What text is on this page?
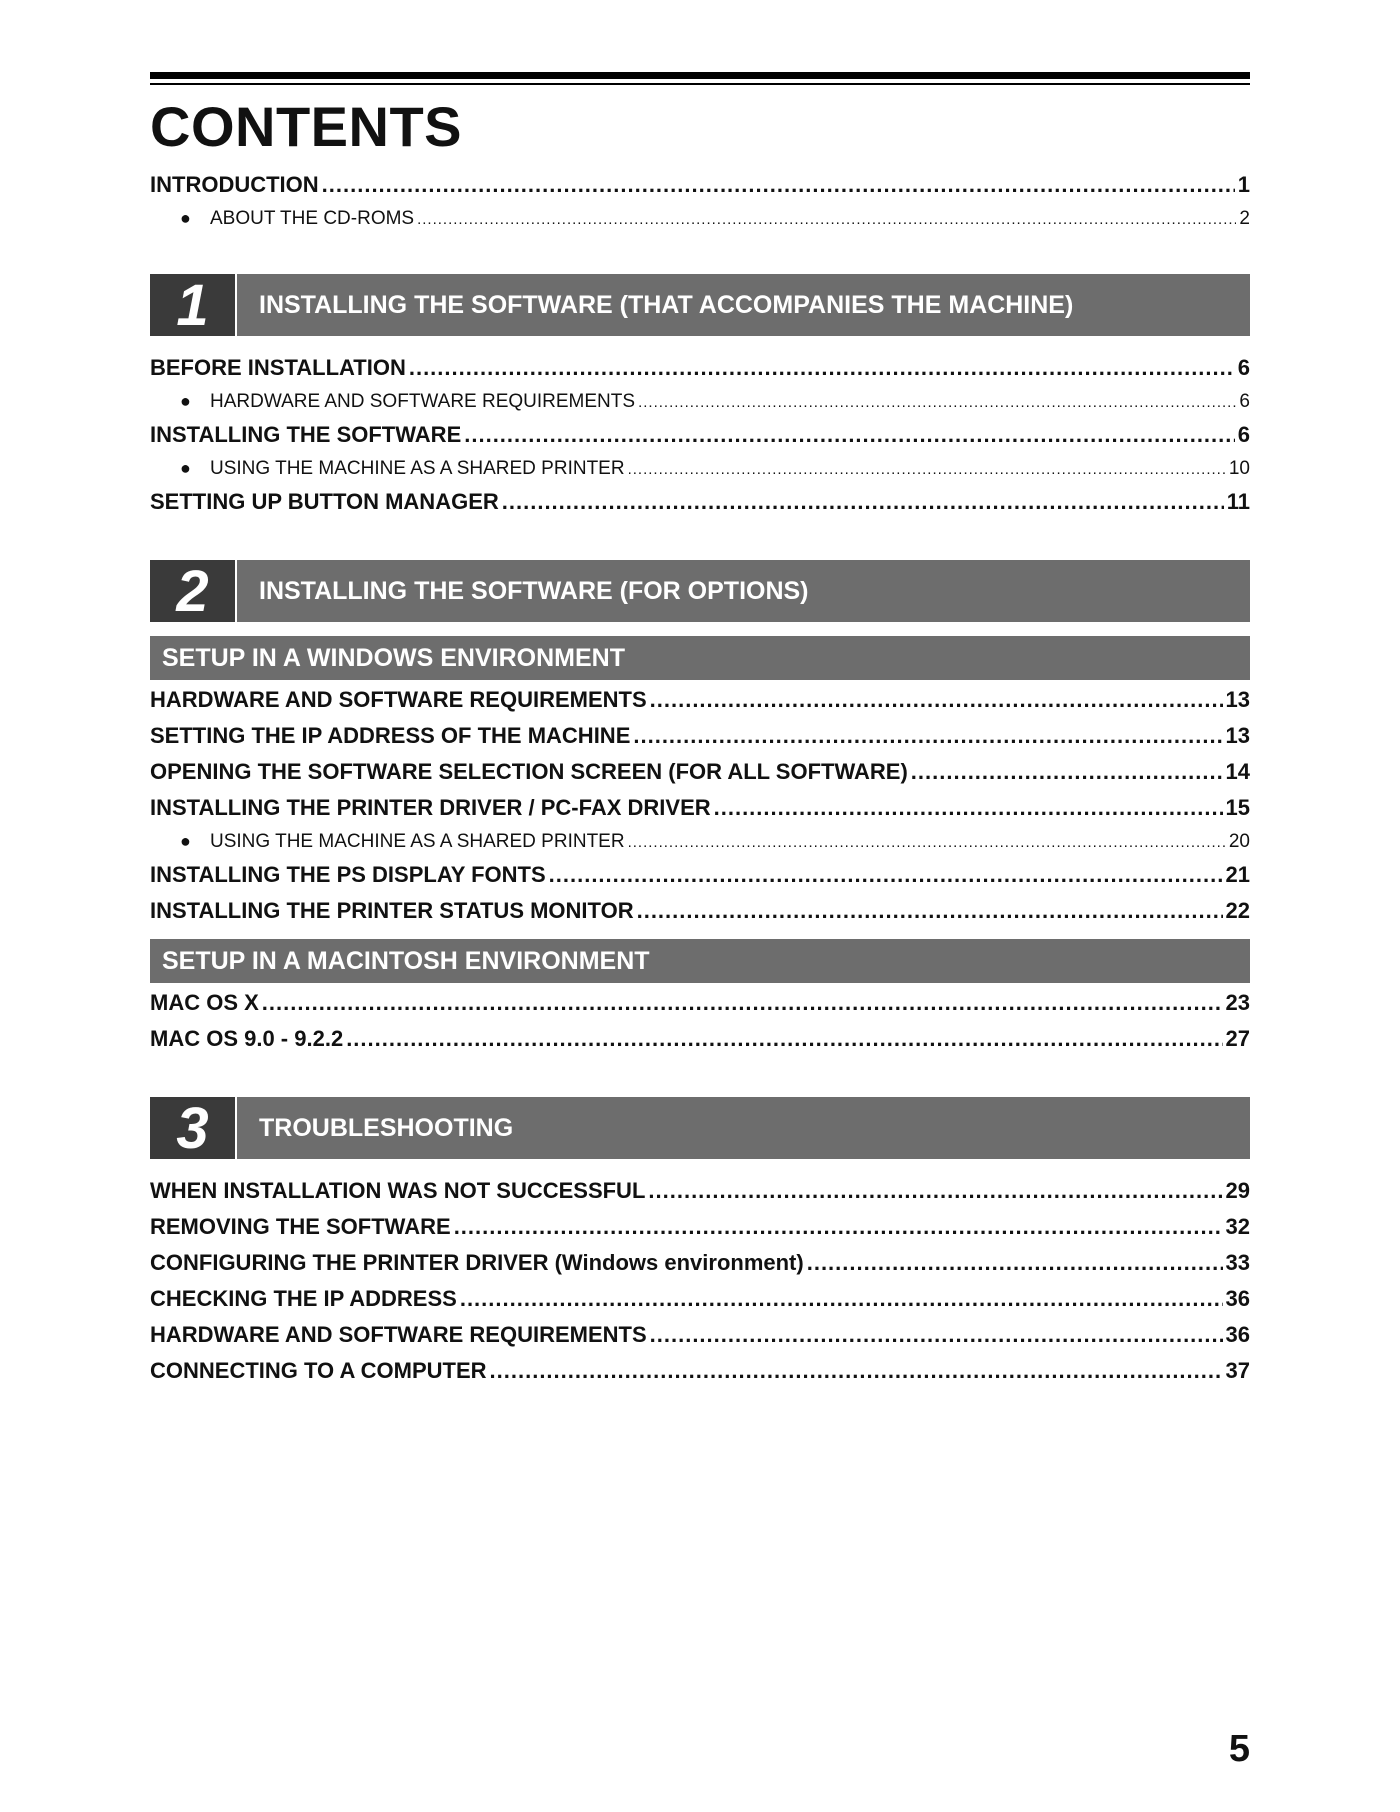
CONTENTS
INTRODUCTION .....	1
●	ABOUT THE CD-ROMS .....	2
1	INSTALLING THE SOFTWARE (THAT ACCOMPANIES THE MACHINE)
BEFORE INSTALLATION .....	6
●	HARDWARE AND SOFTWARE REQUIREMENTS .....	6
INSTALLING THE SOFTWARE .....	6
●	USING THE MACHINE AS A SHARED PRINTER .....	10
SETTING UP BUTTON MANAGER .....	11
2	INSTALLING THE SOFTWARE (FOR OPTIONS)
SETUP IN A WINDOWS ENVIRONMENT
HARDWARE AND SOFTWARE REQUIREMENTS .....	13
SETTING THE IP ADDRESS OF THE MACHINE .....	13
OPENING THE SOFTWARE SELECTION SCREEN (FOR ALL SOFTWARE) .....	14
INSTALLING THE PRINTER DRIVER / PC-FAX DRIVER .....	15
●	USING THE MACHINE AS A SHARED PRINTER .....	20
INSTALLING THE PS DISPLAY FONTS .....	21
INSTALLING THE PRINTER STATUS MONITOR .....	22
SETUP IN A MACINTOSH ENVIRONMENT
MAC OS X .....	23
MAC OS 9.0 - 9.2.2 .....	27
3	TROUBLESHOOTING
WHEN INSTALLATION WAS NOT SUCCESSFUL .....	29
REMOVING THE SOFTWARE .....	32
CONFIGURING THE PRINTER DRIVER (Windows environment) .....	33
CHECKING THE IP ADDRESS .....	36
HARDWARE AND SOFTWARE REQUIREMENTS .....	36
CONNECTING TO A COMPUTER .....	37
5
